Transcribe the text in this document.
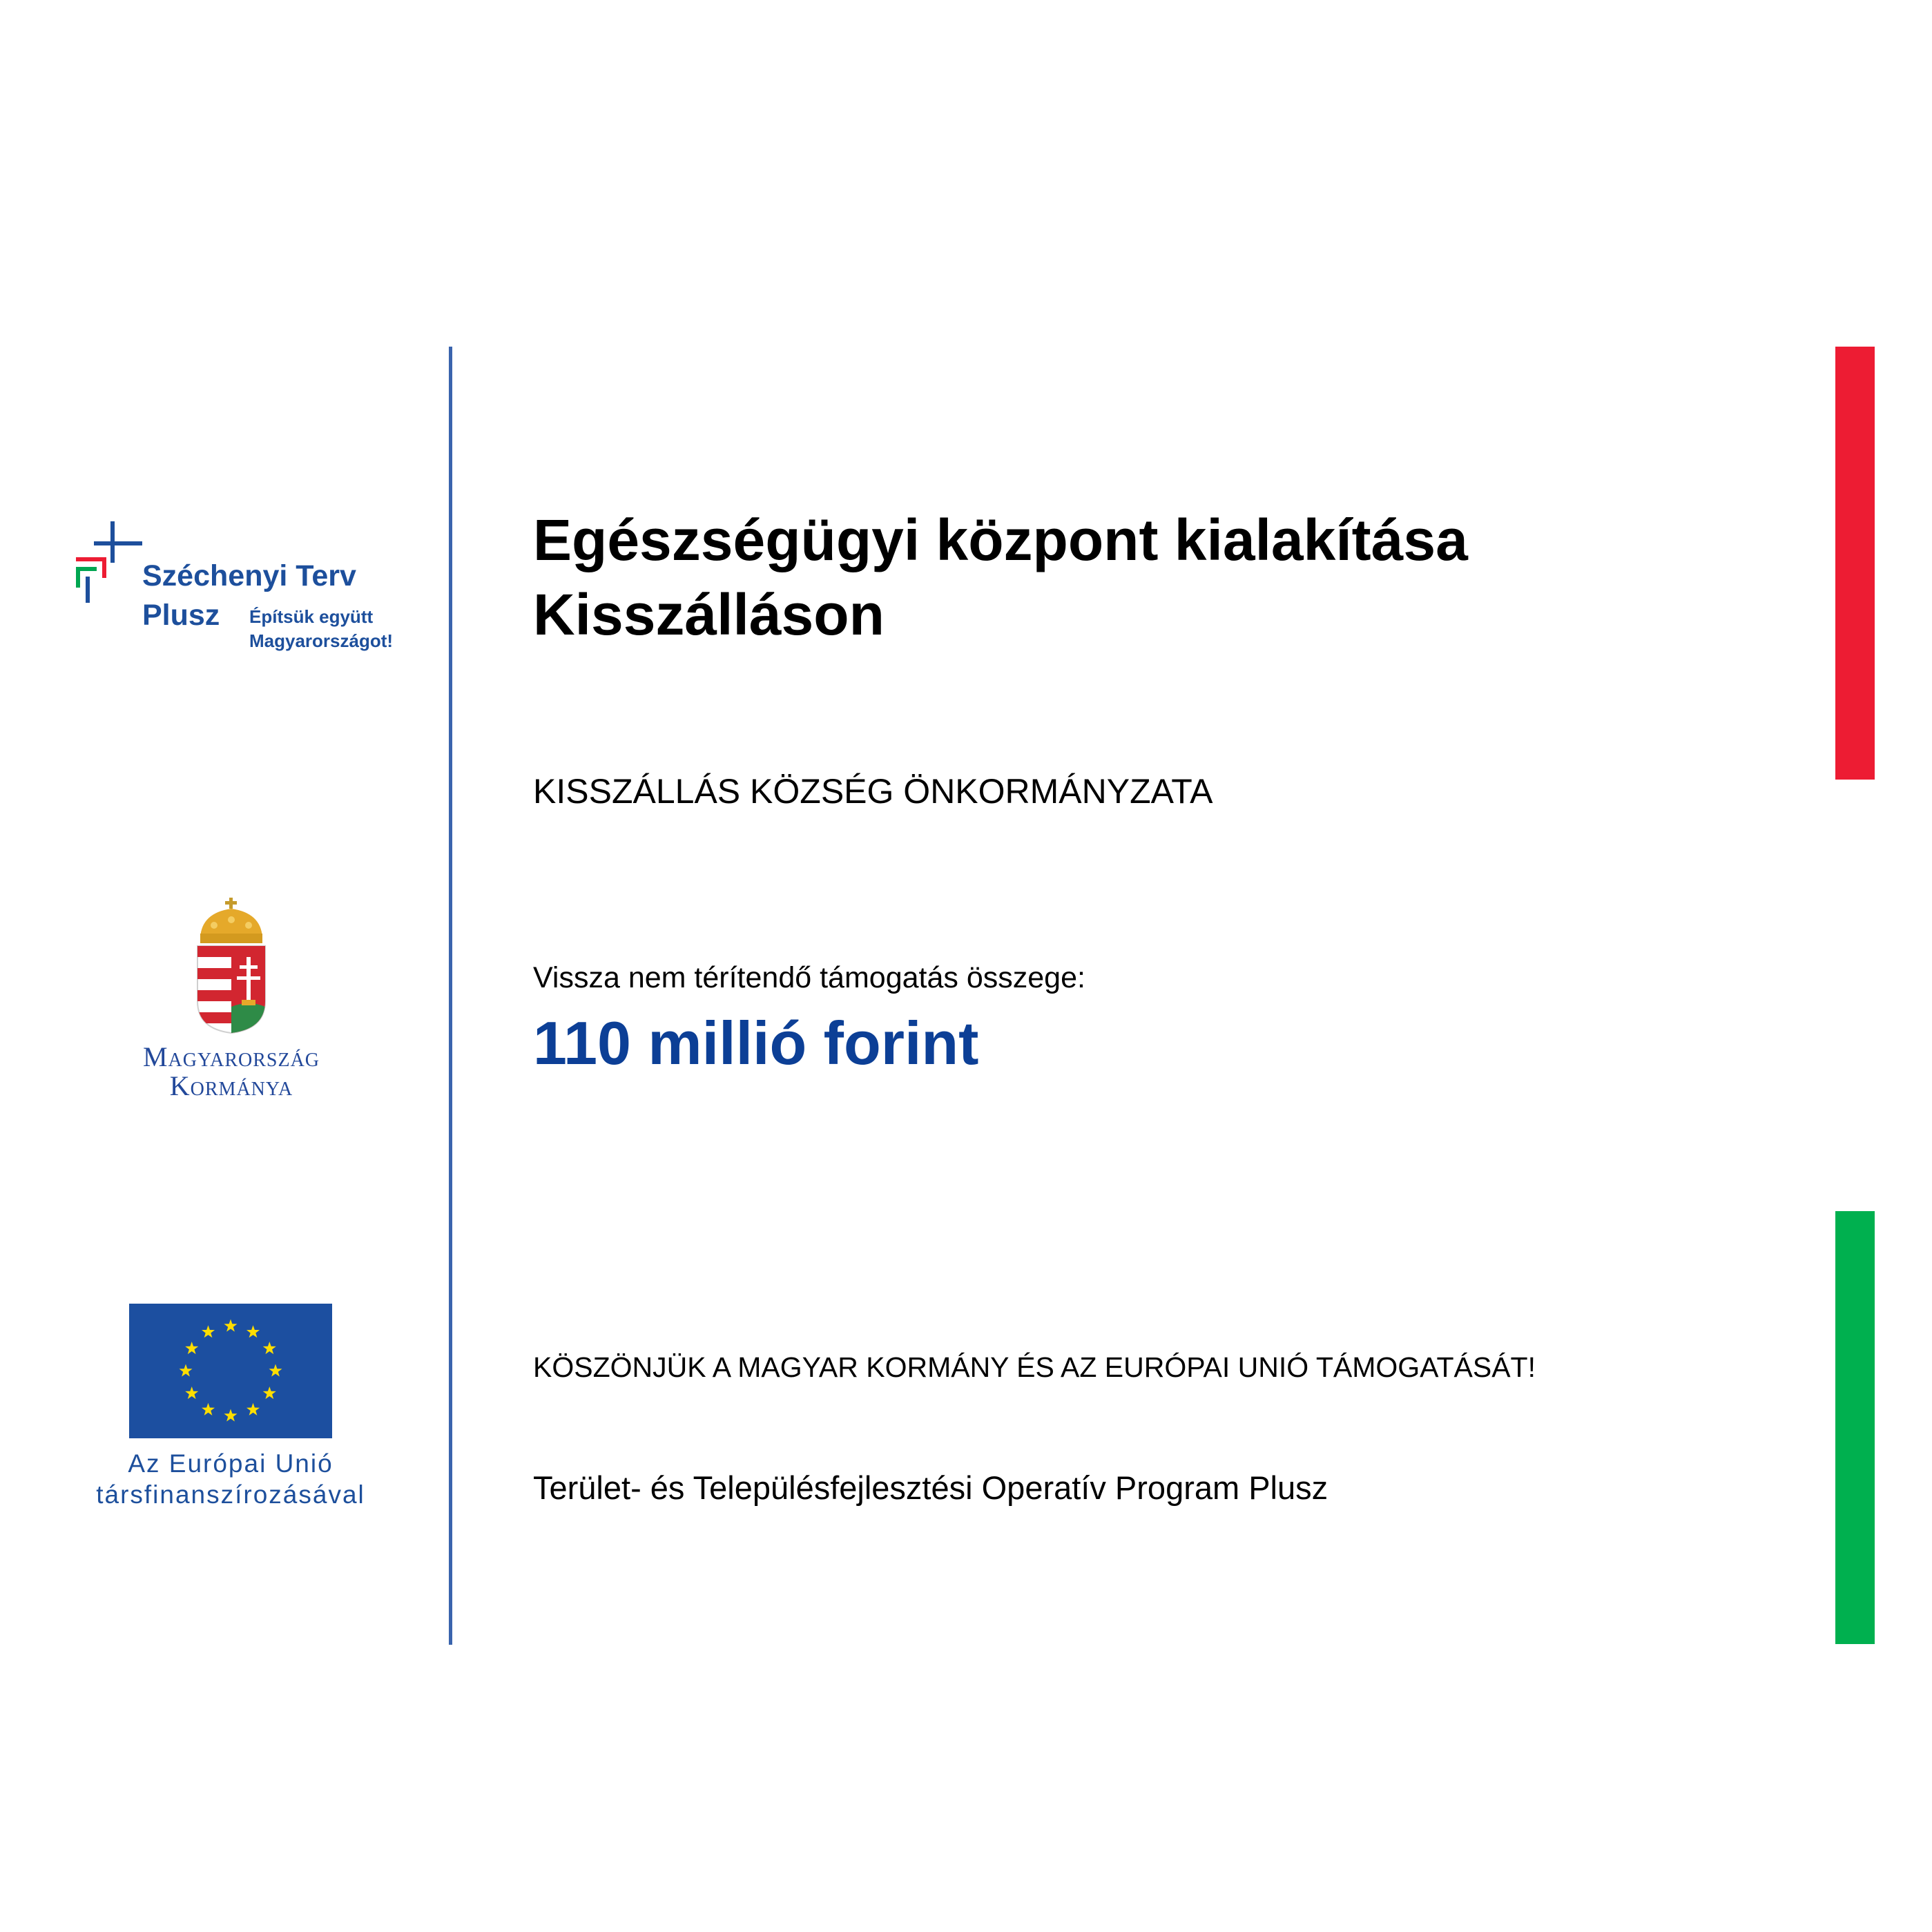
Széchenyi Terv
Plusz Építsük együtt
Magyarországot!
Magyarország
Kormánya
Az Európai Unió
társfinanszírozásával
Egészségügyi központ kialakítása
Kisszálláson
KISSZÁLLÁS KÖZSÉG ÖNKORMÁNYZATA
Vissza nem térítendő támogatás összege:
110 millió forint
KÖSZÖNJÜK A MAGYAR KORMÁNY ÉS AZ EURÓPAI UNIÓ TÁMOGATÁSÁT!
Terület- és Településfejlesztési Operatív Program Plusz
